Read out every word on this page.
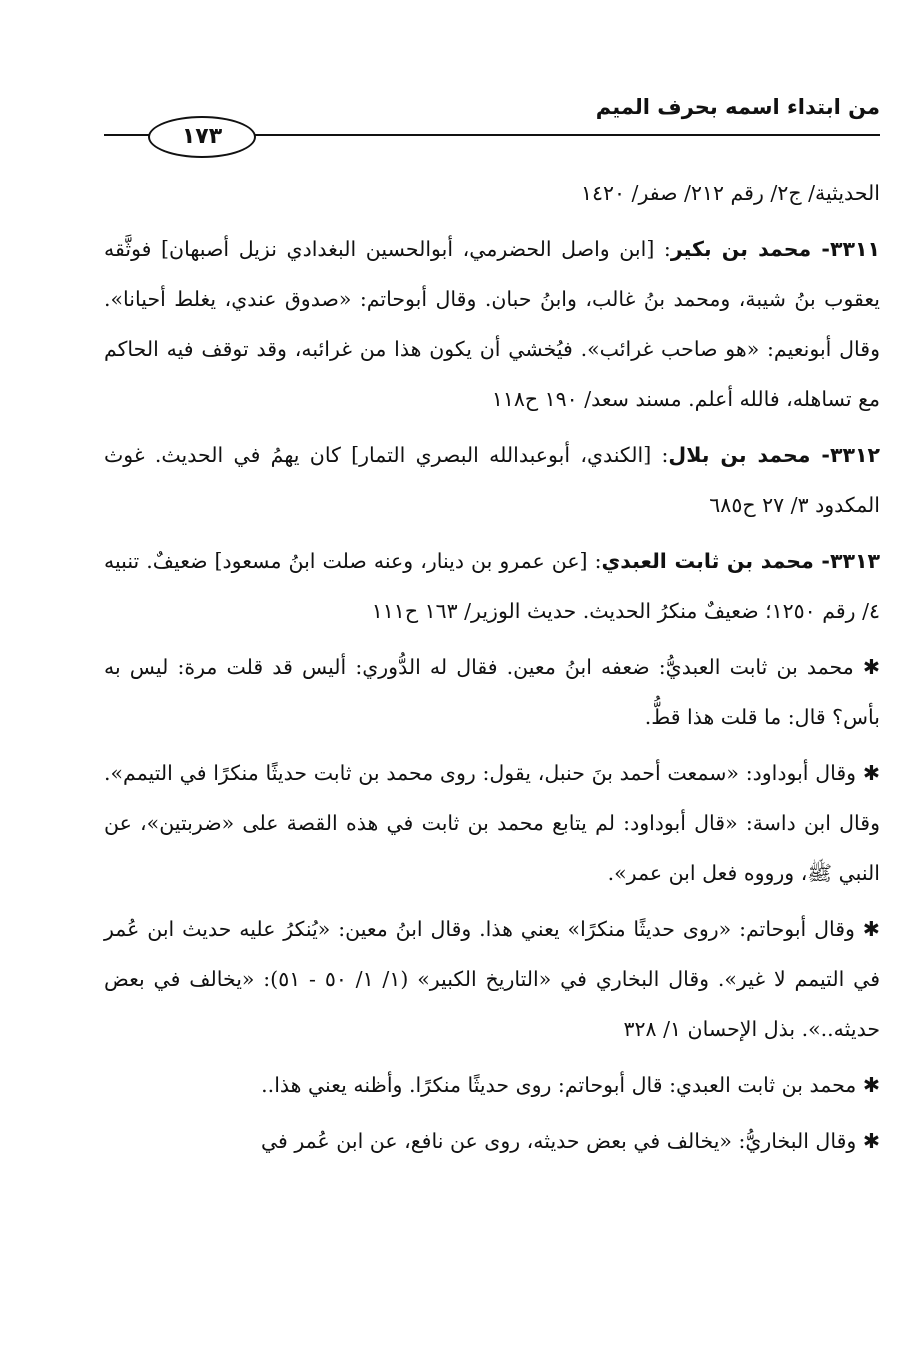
من ابتداء اسمه بحرف الميم
١٧٣
الحديثية/ ج٢/ رقم ٢١٢/ صفر/ ١٤٢٠
٣٣١١- محمد بن بكير: [ابن واصل الحضرمي، أبوالحسين البغدادي نزيل أصبهان] فوثَّقه يعقوب بنُ شيبة، ومحمد بنُ غالب، وابنُ حبان. وقال أبوحاتم: «صدوق عندي، يغلط أحيانا». وقال أبونعيم: «هو صاحب غرائب». فيُخشي أن يكون هذا من غرائبه، وقد توقف فيه الحاكم مع تساهله، فالله أعلم. مسند سعد/ ١٩٠ ح١١٨
٣٣١٢- محمد بن بلال: [الكندي، أبوعبدالله البصري التمار] كان يهمُ في الحديث. غوث المكدود ٣/ ٢٧ ح٦٨٥
٣٣١٣- محمد بن ثابت العبدي: [عن عمرو بن دينار، وعنه صلت ابنُ مسعود] ضعيفٌ. تنبيه ٤/ رقم ١٢٥٠؛ ضعيفٌ منكرُ الحديث. حديث الوزير/ ١٦٣ ح١١١
✱ محمد بن ثابت العبديُّ: ضعفه ابنُ معين. فقال له الدُّوري: أليس قد قلت مرة: ليس به بأس؟ قال: ما قلت هذا قطُّ.
✱ وقال أبوداود: «سمعت أحمد بنَ حنبل، يقول: روى محمد بن ثابت حديثًا منكرًا في التيمم». وقال ابن داسة: «قال أبوداود: لم يتابع محمد بن ثابت في هذه القصة على «ضربتين»، عن النبي ﷺ، ورووه فعل ابن عمر».
✱ وقال أبوحاتم: «روى حديثًا منكرًا» يعني هذا. وقال ابنُ معين: «يُنكرُ عليه حديث ابن عُمر في التيمم لا غير». وقال البخاري في «التاريخ الكبير» (١/ ١/ ٥٠ - ٥١): «يخالف في بعض حديثه..». بذل الإحسان ١/ ٣٢٨
✱ محمد بن ثابت العبدي: قال أبوحاتم: روى حديثًا منكرًا. وأظنه يعني هذا..
✱ وقال البخاريُّ: «يخالف في بعض حديثه، روى عن نافع، عن ابن عُمر في
